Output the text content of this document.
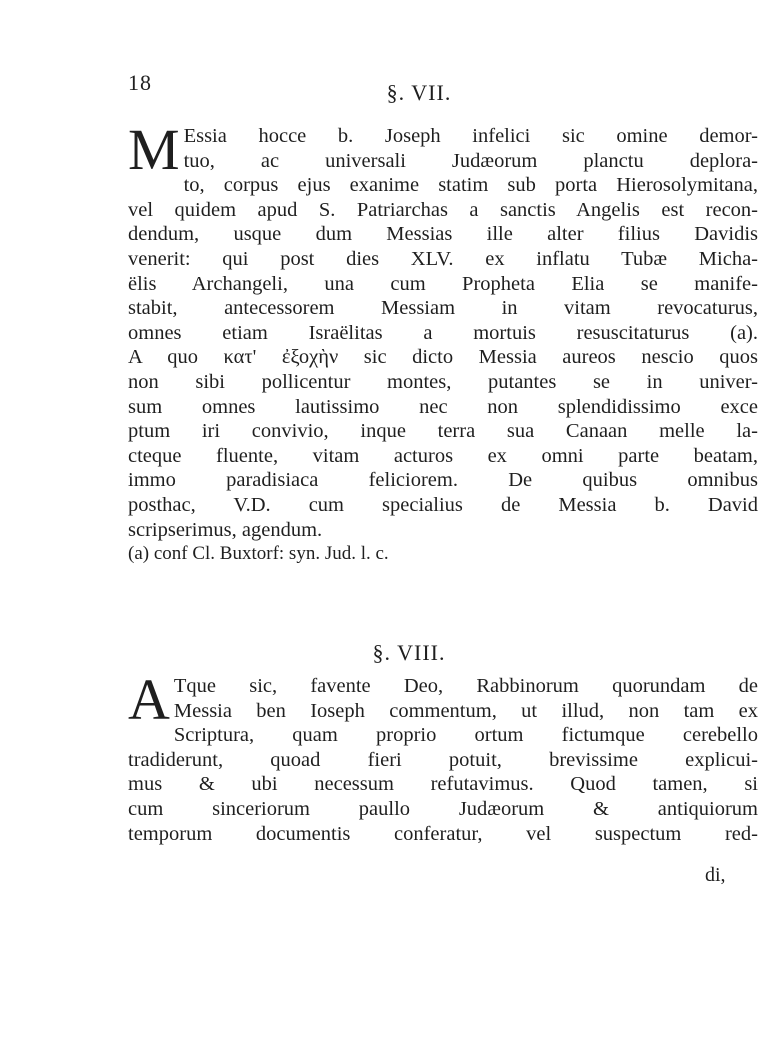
18	§. VII.
M Essia hocce b. Joseph infelici sic omine demor-
tuo, ac universali Judæorum planctu deplora-
to, corpus ejus exanime statim sub porta Hierosolymitana,
vel quidem apud S. Patriarchas a sanctis Angelis est recon-
dendum, usque dum Messias ille alter filius Davidis
venerit: qui post dies XLV. ex inflatu Tubæ Micha-
ëlis Archangeli, una cum Propheta Elia se manife-
stabit, antecessorem Messiam in vitam revocaturus,
omnes etiam Israëlitas a mortuis resuscitaturus (a).
A quo κατ' ἐξοχὴν sic dicto Messia aureos nescio quos
non sibi pollicentur montes, putantes se in univer-
sum omnes lautissimo nec non splendidissimo exce
ptum iri convivio, inque terra sua Canaan melle la-
cteque fluente, vitam acturos ex omni parte beatam,
immo paradisiaca feliciorem. De quibus omnibus
posthac, V.D. cum specialius de Messia b. David
scripserimus, agendum.
(a) conf Cl. Buxtorf: syn. Jud. l. c.
§. VIII.
A Tque sic, favente Deo, Rabbinorum quorundam de
Messia ben Ioseph commentum, ut illud, non tam ex
Scriptura, quam proprio ortum fictumque cerebello
tradiderunt, quoad fieri potuit, brevissime explicui-
mus & ubi necessum refutavimus. Quod tamen, si
cum sinceriorum paullo Judæorum & antiquiorum
temporum documentis conferatur, vel suspectum red-
di,
